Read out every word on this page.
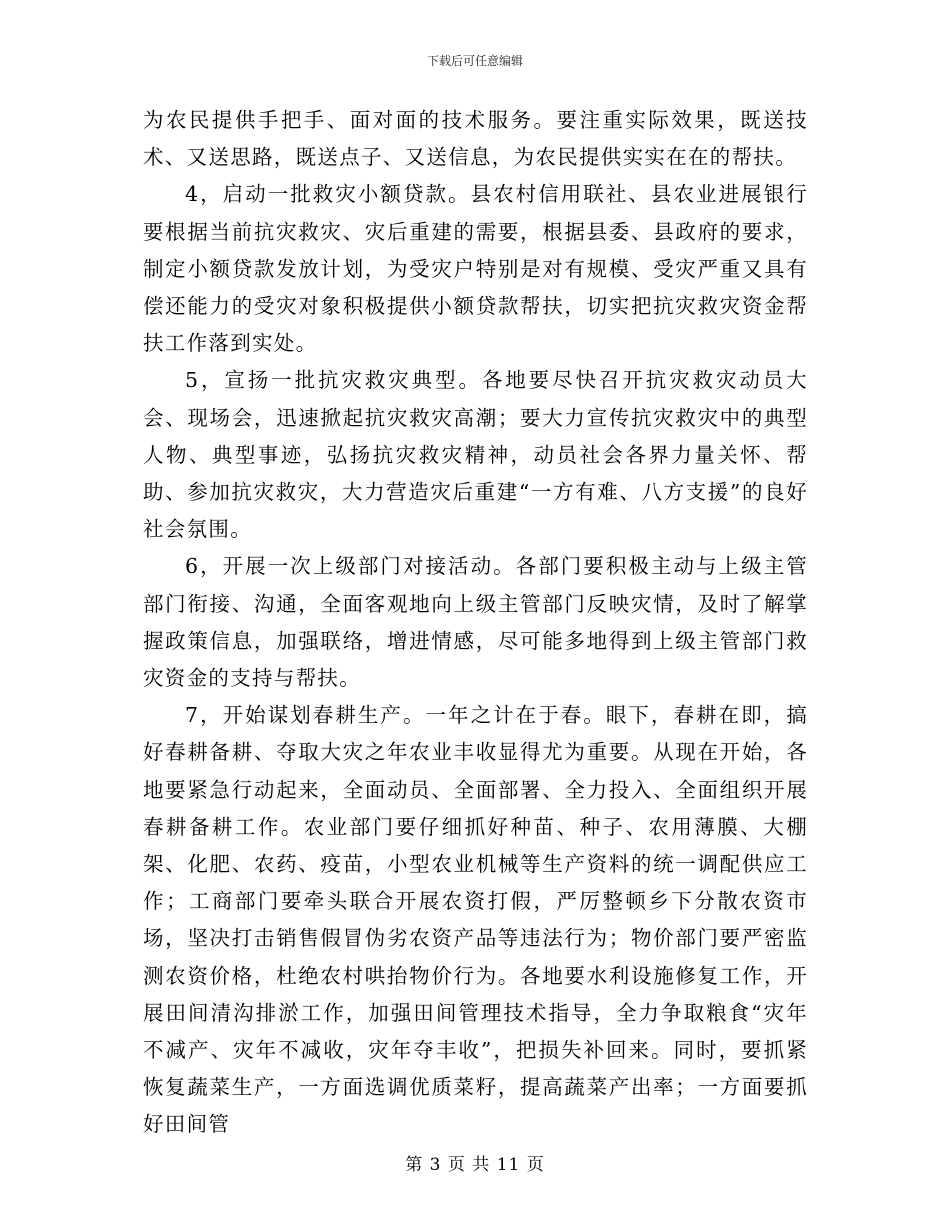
下载后可任意编辑

为农民提供手把手、面对面的技术服务。要注重实际效果，既送技术、又送思路，既送点子、又送信息，为农民提供实实在在的帮扶。

4，启动一批救灾小额贷款。县农村信用联社、县农业进展银行要根据当前抗灾救灾、灾后重建的需要，根据县委、县政府的要求，制定小额贷款发放计划，为受灾户特别是对有规模、受灾严重又具有偿还能力的受灾对象积极提供小额贷款帮扶，切实把抗灾救灾资金帮扶工作落到实处。

5，宣扬一批抗灾救灾典型。各地要尽快召开抗灾救灾动员大会、现场会，迅速掀起抗灾救灾高潮；要大力宣传抗灾救灾中的典型人物、典型事迹，弘扬抗灾救灾精神，动员社会各界力量关怀、帮助、参加抗灾救灾，大力营造灾后重建“一方有难、八方支援”的良好社会氛围。

6，开展一次上级部门对接活动。各部门要积极主动与上级主管部门衔接、沟通，全面客观地向上级主管部门反映灾情，及时了解掌握政策信息，加强联络，增进情感，尽可能多地得到上级主管部门救灾资金的支持与帮扶。

7，开始谋划春耕生产。一年之计在于春。眼下，春耕在即，搞好春耕备耕、夺取大灾之年农业丰收显得尤为重要。从现在开始，各地要紧急行动起来，全面动员、全面部署、全力投入、全面组织开展春耕备耕工作。农业部门要仔细抓好种苗、种子、农用薄膜、大棚架、化肥、农药、疫苗，小型农业机械等生产资料的统一调配供应工作；工商部门要牵头联合开展农资打假，严厉整顿乡下分散农资市场，坚决打击销售假冒伪劣农资产品等违法行为；物价部门要严密监测农资价格，杜绝农村哄抬物价行为。各地要水利设施修复工作，开展田间清沟排淤工作，加强田间管理技术指导，全力争取粮食“灾年不减产、灾年不减收，灾年夺丰收”，把损失补回来。同时，要抓紧恢复蔬菜生产，一方面选调优质菜籽，提高蔬菜产出率；一方面要抓好田间管

第 3 页 共 11 页
